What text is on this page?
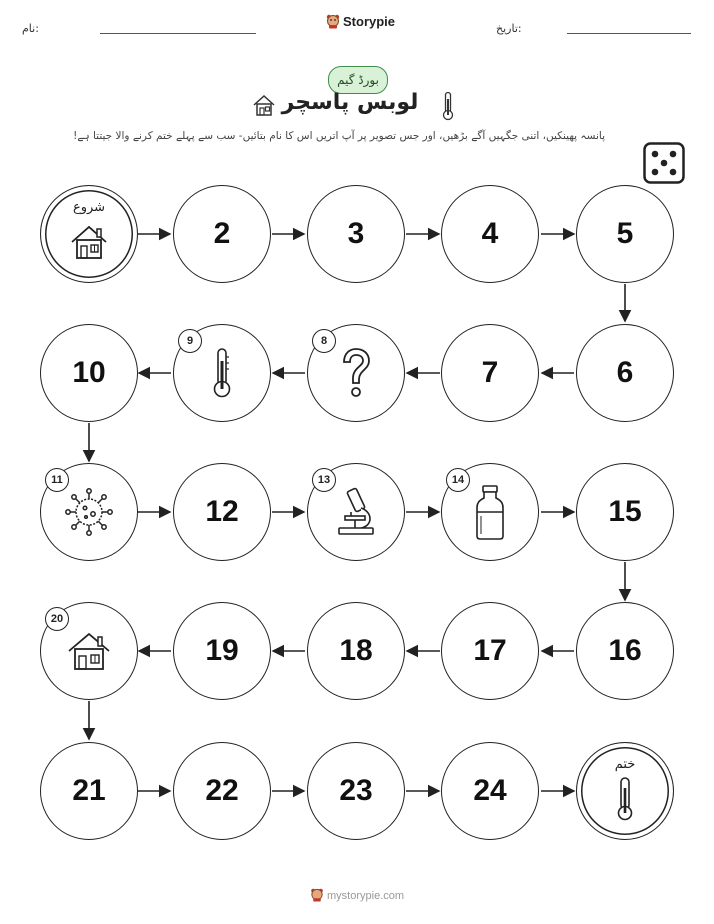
نام:	Storypie	تاریخ:
بورڈ گیم
لوبس پاسچر
پانسہ پھینکیں، اتنی جگہیں آگے بڑھیں، اور جس تصویر پر آپ اتریں اس کا نام بتائیں- سب سے پہلے ختم کرنے والا جیتتا ہے!
شروع
2	3	4	5
6
7
8
9
10
11
12
13	14
15
16
17
18
19
20
21	22	23	24
ختم
mystorypie.com
